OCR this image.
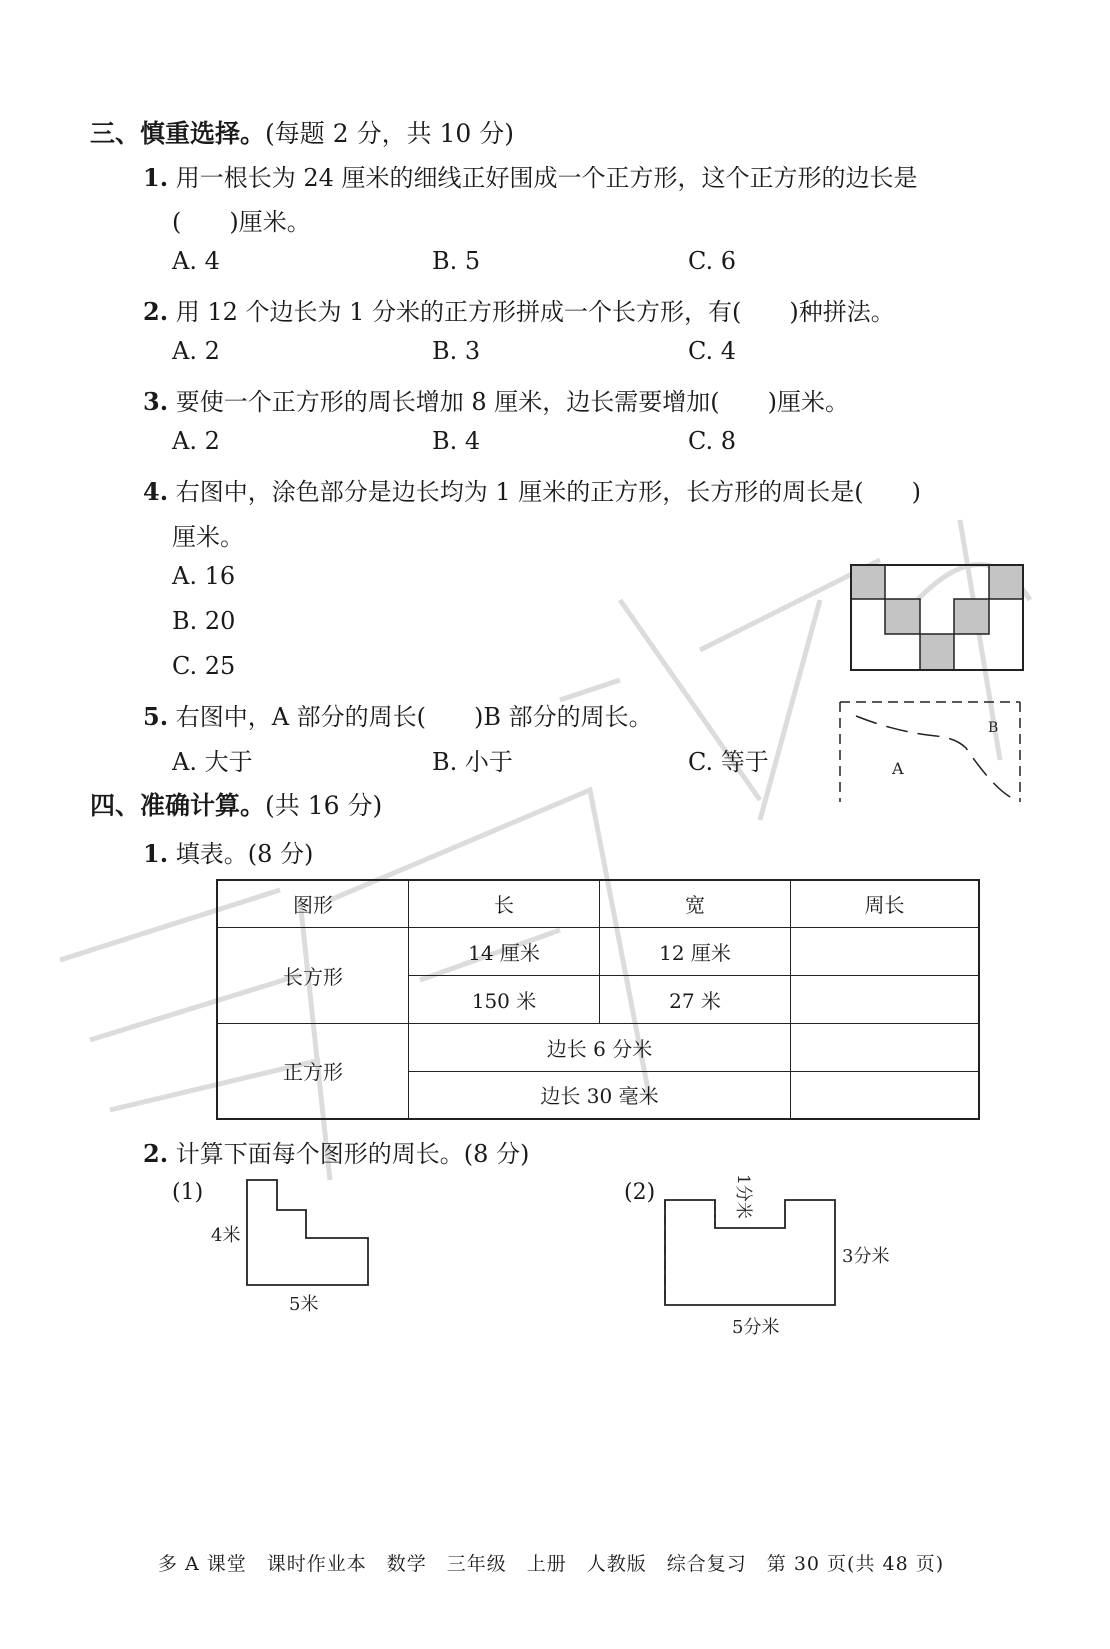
三、慎重选择。(每题 2 分，共 10 分)
1. 用一根长为 24 厘米的细线正好围成一个正方形，这个正方形的边长是
(　　)厘米。
A. 4	B. 5	C. 6
2. 用 12 个边长为 1 分米的正方形拼成一个长方形，有(　　)种拼法。
A. 2	B. 3	C. 4
3. 要使一个正方形的周长增加 8 厘米，边长需要增加(　　)厘米。
A. 2	B. 4	C. 8
4. 右图中，涂色部分是边长均为 1 厘米的正方形，长方形的周长是(　　)
厘米。
A. 16
B. 20
C. 25
5. 右图中，A 部分的周长(　　)B 部分的周长。
A. 大于	B. 小于	C. 等于	A
B
四、准确计算。(共 16 分)
1. 填表。(8 分)
图形	长	宽	周长
长方形	14 厘米	12 厘米	
	150 米	27 米	
正方形	边长 6 分米		
	边长 30 毫米		
2. 计算下面每个图形的周长。(8 分)
(1)
4米
5米
(2)	1分米
3分米
5分米
多 A 课堂　课时作业本　数学　三年级　上册　人教版　综合复习　第 30 页(共 48 页)
